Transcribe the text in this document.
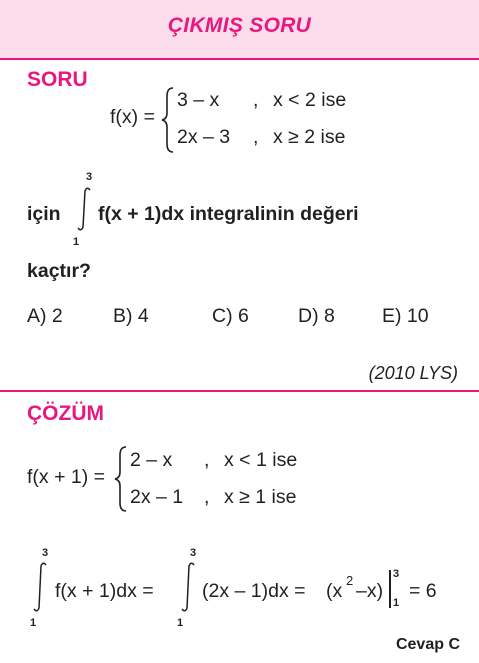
ÇIKMIŞ SORU
SORU
f(x) =
3 – x , x < 2 ise
2x – 3 , x ≥ 2 ise
için
3
1
f(x + 1)dx integralinin değeri
kaçtır?
A) 2	B) 4	C) 6	D) 8 E) 10
(2010 LYS)
ÇÖZÜM
f(x + 1) =
2 – x , x < 1 ise
2x – 1 , x ≥ 1 ise
3
1
f(x + 1)dx =
3
1
(2x – 1)dx = (x 2 –x)
3
1
= 6
Cevap C
